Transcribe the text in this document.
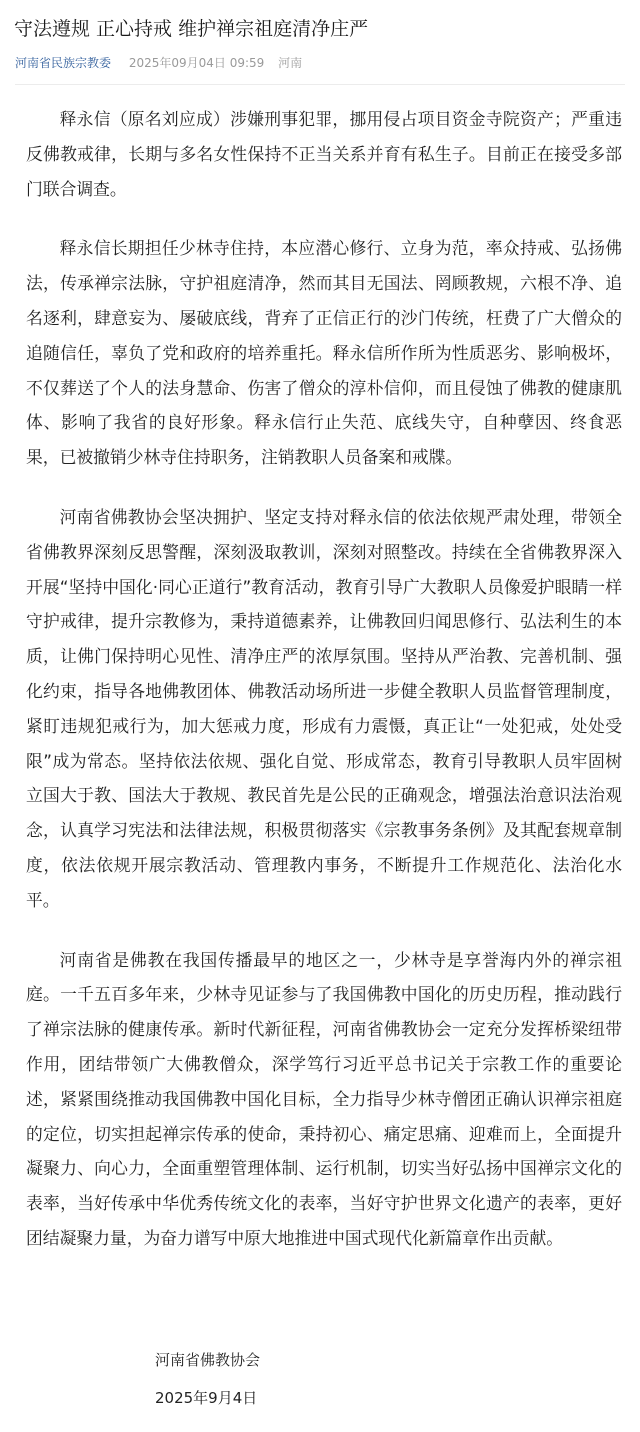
守法遵规 正心持戒 维护禅宗祖庭清净庄严
河南省民族宗教委 2025年09月04日 09:59 河南

释永信（原名刘应成）涉嫌刑事犯罪，挪用侵占项目资金寺院资产；严重违反佛教戒律，长期与多名女性保持不正当关系并育有私生子。目前正在接受多部门联合调查。

释永信长期担任少林寺住持，本应潜心修行、立身为范，率众持戒、弘扬佛法，传承禅宗法脉，守护祖庭清净，然而其目无国法、罔顾教规，六根不净、追名逐利，肆意妄为、屡破底线，背弃了正信正行的沙门传统，枉费了广大僧众的追随信任，辜负了党和政府的培养重托。释永信所作所为性质恶劣、影响极坏，不仅葬送了个人的法身慧命、伤害了僧众的淳朴信仰，而且侵蚀了佛教的健康肌体、影响了我省的良好形象。释永信行止失范、底线失守，自种孽因、终食恶果，已被撤销少林寺住持职务，注销教职人员备案和戒牒。

河南省佛教协会坚决拥护、坚定支持对释永信的依法依规严肃处理，带领全省佛教界深刻反思警醒，深刻汲取教训，深刻对照整改。持续在全省佛教界深入开展“坚持中国化·同心正道行”教育活动，教育引导广大教职人员像爱护眼睛一样守护戒律，提升宗教修为，秉持道德素养，让佛教回归闻思修行、弘法利生的本质，让佛门保持明心见性、清净庄严的浓厚氛围。坚持从严治教、完善机制、强化约束，指导各地佛教团体、佛教活动场所进一步健全教职人员监督管理制度，紧盯违规犯戒行为，加大惩戒力度，形成有力震慑，真正让“一处犯戒，处处受限”成为常态。坚持依法依规、强化自觉、形成常态，教育引导教职人员牢固树立国大于教、国法大于教规、教民首先是公民的正确观念，增强法治意识法治观念，认真学习宪法和法律法规，积极贯彻落实《宗教事务条例》及其配套规章制度，依法依规开展宗教活动、管理教内事务，不断提升工作规范化、法治化水平。

河南省是佛教在我国传播最早的地区之一，少林寺是享誉海内外的禅宗祖庭。一千五百多年来，少林寺见证参与了我国佛教中国化的历史历程，推动践行了禅宗法脉的健康传承。新时代新征程，河南省佛教协会一定充分发挥桥梁纽带作用，团结带领广大佛教僧众，深学笃行习近平总书记关于宗教工作的重要论述，紧紧围绕推动我国佛教中国化目标，全力指导少林寺僧团正确认识禅宗祖庭的定位，切实担起禅宗传承的使命，秉持初心、痛定思痛、迎难而上，全面提升凝聚力、向心力，全面重塑管理体制、运行机制，切实当好弘扬中国禅宗文化的表率，当好传承中华优秀传统文化的表率，当好守护世界文化遗产的表率，更好团结凝聚力量，为奋力谱写中原大地推进中国式现代化新篇章作出贡献。

河南省佛教协会
2025年9月4日
